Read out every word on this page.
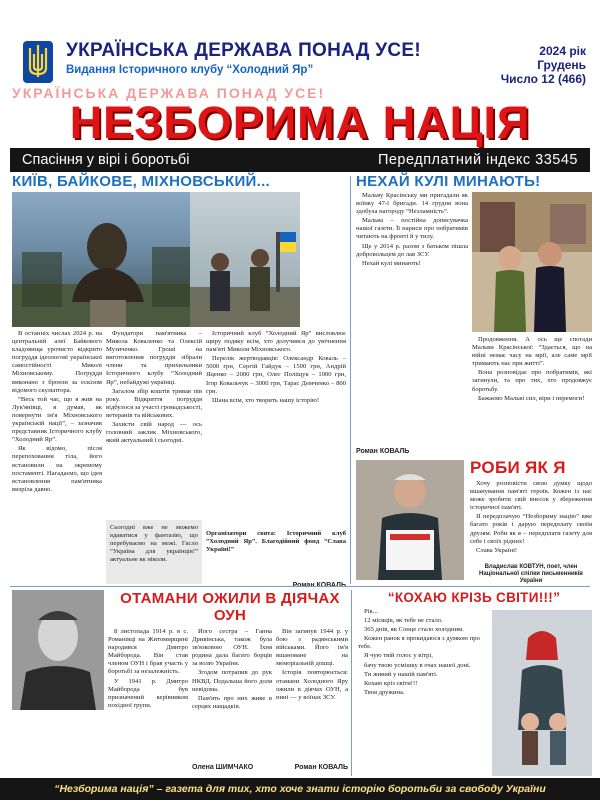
УКРАЇНСЬКА ДЕРЖАВА ПОНАД УСЕ!
Видання Історичного клубу “Холодний Яр”
2024 рік
Грудень
Число 12 (466)
УКРАЇНСЬКА ДЕРЖАВА ПОНАД УСЕ!
НЕЗБОРИМА НАЦІЯ
Спасіння у вірі і боротьбі	Передплатний індекс 33545
КИЇВ, БАЙКОВЕ, МІХНОВСЬКИЙ...

В останніх числах 2024 р. на центральній алеї Байкового кладовища урочисто відкрито погруддя ідеологові української самостійності Миколі Міхновському. Погруддя виконано з бронзи за ескізом відомого скульптора.

“Весь той час, що я жив на Лук'янівці, я думав, як повернути ім'я Міхновського українській нації”, – зазначив представник Історичного клубу “Холодний Яр”.

Як відомо, після перепоховання тіла, його встановили на окремому постаменті. Нагадаємо, що ідея встановлення пам'ятника визріла давно.

Фундатори пам'ятника – Микола Коваленко та Олексій Музиченко. Гроші на виготовлення погруддя зібрали члени та прихильники Історичного клубу “Холодний Яр”, небайдужі українці.

Загалом збір коштів тривав пів року. Відкриття погруддя відбулося за участі громадськості, ветеранів та військових.

Захисти свій народ — ось головний заклик Міхновського, який актуальний і сьогодні.

Сьогодні вже не можемо вдаватися у фантазію, що перебуваємо на межі. Гасло “Україна для українців!” актуальне як ніколи.

Історичний клуб “Холодний Яр” висловлює щиру подяку всім, хто долучився до увічнення пам'яті Миколи Міхновського.

Перелік жертводавців: Олександр Коваль – 5000 грн, Сергій Гайдук – 1500 грн, Андрій Яценко – 2000 грн, Олег Поліщук – 1000 грн, Ігор Ковальчук – 3000 грн, Тарас Демченко – 800 грн.

Шана всім, хто творить нашу історію!

Організатори свята: Історичний клуб “Холодний Яр”. Благодійний фонд “Слава Україні!”
НЕХАЙ КУЛІ МИНАЮТЬ!

Мальву Красінську ми пригадали як воїнку 47-ї бригади. 14 грудня вона здобула нагороду “Незламність”.

Мальва – постійна дописувачка нашої газети. Її нариси про побратимів читають на фронті й у тилу.

Ще у 2014 р. разом з батьком пішла добровольцем до лав ЗСУ.

Нехай кулі минають!

Продовження. А ось ще спогади Мальви Красінської: “Здається, що на війні немає часу на мрії, але саме мрії тримають нас при житті”.

Вона розповідає про побратимів, які загинули, та про тих, хто продовжує боротьбу.

Бажаємо Мальві сил, віри і перемоги!

Роман КОВАЛЬ
РОБИ ЯК Я

Хочу розповісти свою думку щодо вшанування пам'яті героїв. Кожен із нас може зробити свій внесок у збереження історичної пам'яті.

Я передплачую “Незбориму націю” вже багато років і дарую передплату своїм друзям. Роби як я – передплати газету для себе і своїх рідних!

Слава Україні!

Владислав КОВТУН, поет, член Національної спілки письменників України
ОТАМАНИ ОЖИЛИ В ДІЯЧАХ ОУН

8 листопада 1914 р. в с. Романівці на Житомирщині народився Дмитро Майборода. Він став членом ОУН і брав участь у боротьбі за незалежність.

У 1941 р. Дмитро Майборода був призначений керівником похідної групи.

Його сестра – Ганна Дривінська, також була зв'язковою ОУН. Їхня родина дала багато борців за волю України.

Згодом потрапив до рук НКВД. Подальша його доля невідома.

Пам'ять про них живе в серцях нащадків.

Олена ШИМЧАКО

Він загинув 1944 р. у бою з радянськими військами. Його ім'я вшановане на меморіальній дошці.

Історія повторюється: отамани Холодного Яру ожили в діячах ОУН, а нині — у воїнах ЗСУ.

Роман КОВАЛЬ
“КОХАЮ КРІЗЬ СВІТИ!!!”

Рік...

12 місяців, як тебе не стало.

365 днів, як Сонце стало холодним.

Кожен ранок я прокидаюся з думкою про тебе.

Я чую твій голос у вітрі,

бачу твою усмішку в очах нашої доні.

Ти живий у нашій пам'яті.

Кохаю кріз світи!!!

Твоя дружина.

“Незборима нація” – газета для тих, хто хоче знати історію боротьби за свободу України
